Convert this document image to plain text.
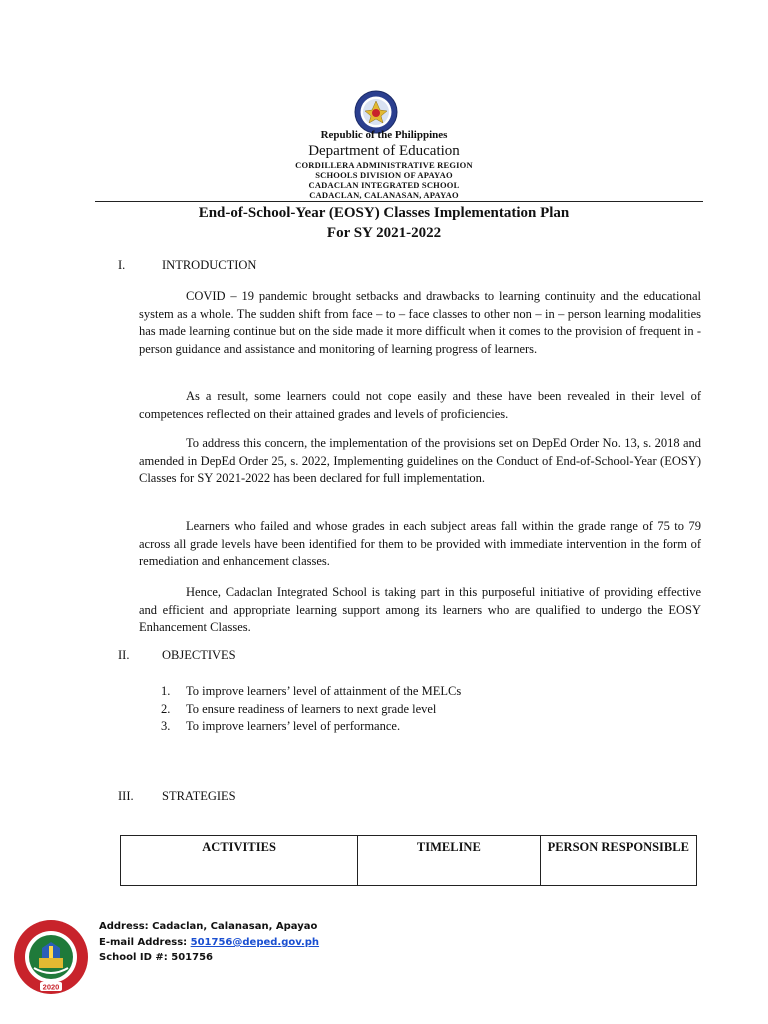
Republic of the Philippines
Department of Education
CORDILLERA ADMINISTRATIVE REGION
SCHOOLS DIVISION OF APAYAO
CADACLAN INTEGRATED SCHOOL
CADACLAN, CALANASAN, APAYAO
End-of-School-Year (EOSY) Classes Implementation Plan
For SY 2021-2022
I.	INTRODUCTION

COVID – 19 pandemic brought setbacks and drawbacks to learning continuity and the educational system as a whole. The sudden shift from face – to – face classes to other non – in – person learning modalities has made learning continue but on the side made it more difficult when it comes to the provision of frequent in - person guidance and assistance and monitoring of learning progress of learners.

As a result, some learners could not cope easily and these have been revealed in their level of competences reflected on their attained grades and levels of proficiencies.

To address this concern, the implementation of the provisions set on DepEd Order No. 13, s. 2018 and amended in DepEd Order 25, s. 2022, Implementing guidelines on the Conduct of End-of-School-Year (EOSY) Classes for SY 2021-2022 has been declared for full implementation.

Learners who failed and whose grades in each subject areas fall within the grade range of 75 to 79 across all grade levels have been identified for them to be provided with immediate intervention in the form of remediation and enhancement classes.

Hence, Cadaclan Integrated School is taking part in this purposeful initiative of providing effective and efficient and appropriate learning support among its learners who are qualified to undergo the EOSY Enhancement Classes.

II.	OBJECTIVES
1. To improve learners’ level of attainment of the MELCs
2. To ensure readiness of learners to next grade level
3. To improve learners’ level of performance.
III. STRATEGIES
ACTIVITIES	TIMELINE	PERSON RESPONSIBLE
2020
Address: Cadaclan, Calanasan, Apayao
E-mail Address: 501756@deped.gov.ph
School ID #: 501756
